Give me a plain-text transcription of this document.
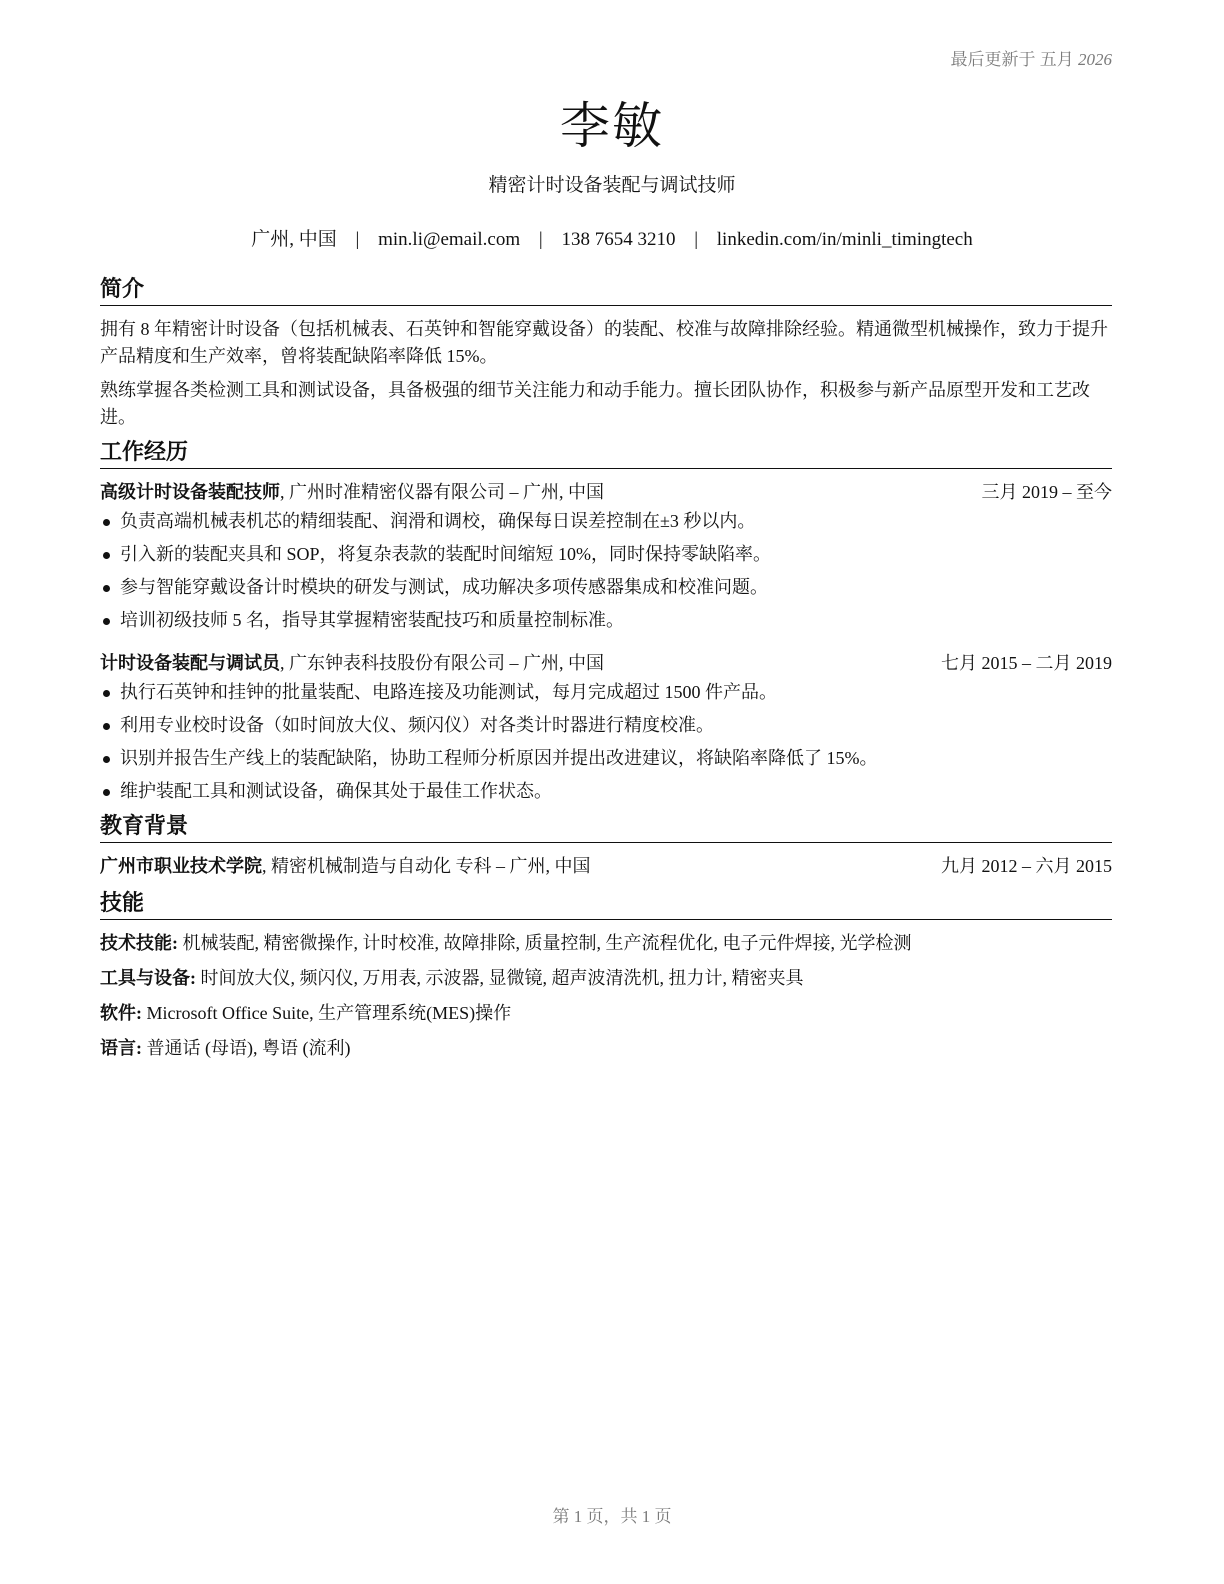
最后更新于 五月 2026
李敏
精密计时设备装配与调试技师
广州, 中国 | min.li@email.com | 138 7654 3210 | linkedin.com/in/minli_timingtech
简介

拥有 8 年精密计时设备（包括机械表、石英钟和智能穿戴设备）的装配、校准与故障排除经验。精通微型机械操作，致力于提升产品精度和生产效率，曾将装配缺陷率降低 15%。

熟练掌握各类检测工具和测试设备，具备极强的细节关注能力和动手能力。擅长团队协作，积极参与新产品原型开发和工艺改进。

工作经历
高级计时设备装配技师, 广州时准精密仪器有限公司 – 广州, 中国	三月 2019 – 至今
负责高端机械表机芯的精细装配、润滑和调校，确保每日误差控制在±3 秒以内。
引入新的装配夹具和 SOP，将复杂表款的装配时间缩短 10%，同时保持零缺陷率。
参与智能穿戴设备计时模块的研发与测试，成功解决多项传感器集成和校准问题。
培训初级技师 5 名，指导其掌握精密装配技巧和质量控制标准。
计时设备装配与调试员, 广东钟表科技股份有限公司 – 广州, 中国	七月 2015 – 二月 2019
执行石英钟和挂钟的批量装配、电路连接及功能测试，每月完成超过 1500 件产品。
利用专业校时设备（如时间放大仪、频闪仪）对各类计时器进行精度校准。
识别并报告生产线上的装配缺陷，协助工程师分析原因并提出改进建议，将缺陷率降低了 15%。
维护装配工具和测试设备，确保其处于最佳工作状态。
教育背景
广州市职业技术学院, 精密机械制造与自动化 专科 – 广州, 中国	九月 2012 – 六月 2015
技能
技术技能: 机械装配, 精密微操作, 计时校准, 故障排除, 质量控制, 生产流程优化, 电子元件焊接, 光学检测
工具与设备: 时间放大仪, 频闪仪, 万用表, 示波器, 显微镜, 超声波清洗机, 扭力计, 精密夹具
软件: Microsoft Office Suite, 生产管理系统(MES)操作
语言: 普通话 (母语), 粤语 (流利)
第 1 页，共 1 页
